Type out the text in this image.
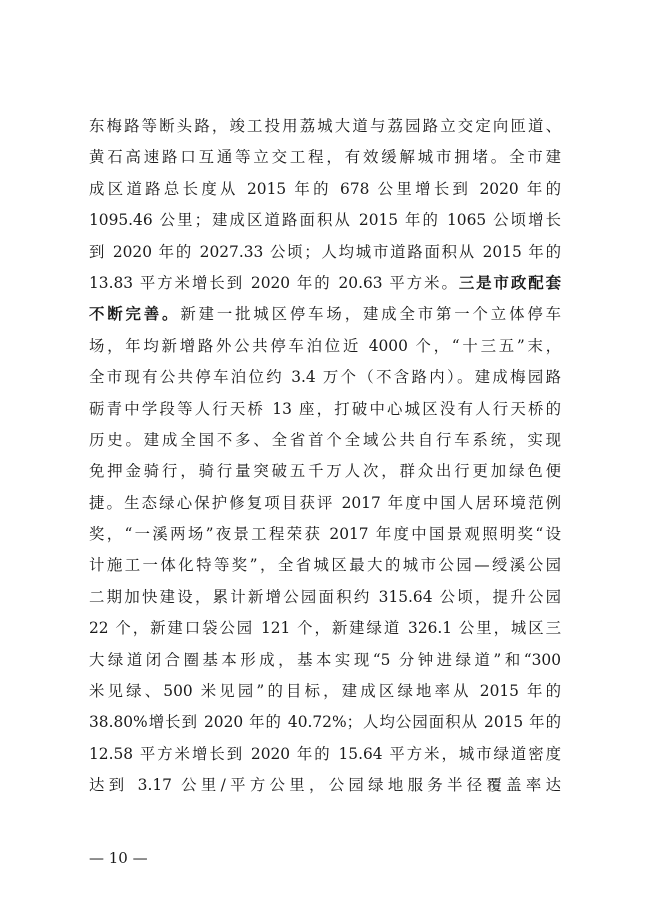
东梅路等断头路，竣工投用荔城大道与荔园路立交定向匝道、
黄石高速路口互通等立交工程，有效缓解城市拥堵。全市建
成区道路总长度从 2015 年的 678 公里增长到 2020 年的
1095.46 公里；建成区道路面积从 2015 年的 1065 公顷增长
到 2020 年的 2027.33 公顷；人均城市道路面积从 2015 年的
13.83 平方米增长到 2020 年的 20.63 平方米。三是市政配套
不断完善。新建一批城区停车场，建成全市第一个立体停车
场，年均新增路外公共停车泊位近 4000 个，“十三五”末，
全市现有公共停车泊位约 3.4 万个（不含路内）。建成梅园路
砺青中学段等人行天桥 13 座，打破中心城区没有人行天桥的
历史。建成全国不多、全省首个全域公共自行车系统，实现
免押金骑行，骑行量突破五千万人次，群众出行更加绿色便
捷。生态绿心保护修复项目获评 2017 年度中国人居环境范例
奖，“一溪两场”夜景工程荣获 2017 年度中国景观照明奖“设
计施工一体化特等奖”，全省城区最大的城市公园—绶溪公园
二期加快建设，累计新增公园面积约 315.64 公顷，提升公园
22 个，新建口袋公园 121 个，新建绿道 326.1 公里，城区三
大绿道闭合圈基本形成，基本实现“5 分钟进绿道”和“300
米见绿、500 米见园”的目标，建成区绿地率从 2015 年的
38.80%增长到 2020 年的 40.72%；人均公园面积从 2015 年的
12.58 平方米增长到 2020 年的 15.64 平方米，城市绿道密度
达到 3.17 公里/平方公里，公园绿地服务半径覆盖率达
— 10 —
